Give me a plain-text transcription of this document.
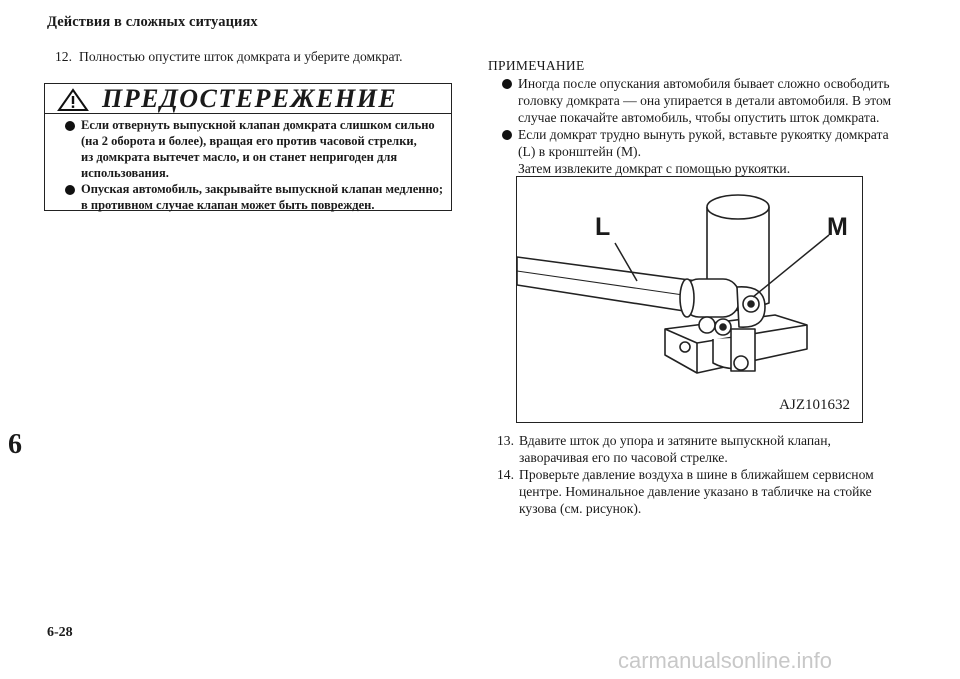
Действия в сложных ситуациях
12. Полностью опустите шток домкрата и уберите домкрат.
ПРЕДОСТЕРЕЖЕНИЕ
Если отвернуть выпускной клапан домкрата слишком сильно
(на 2 оборота и более), вращая его против часовой стрелки,
из домкрата вытечет масло, и он станет непригоден для
использования.
Опуская автомобиль, закрывайте выпускной клапан медленно;
в противном случае клапан может быть поврежден.
ПРИМЕЧАНИЕ
Иногда после опускания автомобиля бывает сложно освободить
головку домкрата — она упирается в детали автомобиля. В этом
случае покачайте автомобиль, чтобы опустить шток домкрата.
Если домкрат трудно вынуть рукой, вставьте рукоятку домкрата
(L) в кронштейн (M).
Затем извлеките домкрат с помощью рукоятки.
L	M
AJZ101632
13. Вдавите шток до упора и затяните выпускной клапан,
заворачивая его по часовой стрелке.
14. Проверьте давление воздуха в шине в ближайшем сервисном
центре. Номинальное давление указано в табличке на стойке
кузова (см. рисунок).
6
6-28
carmanualsonline.info
